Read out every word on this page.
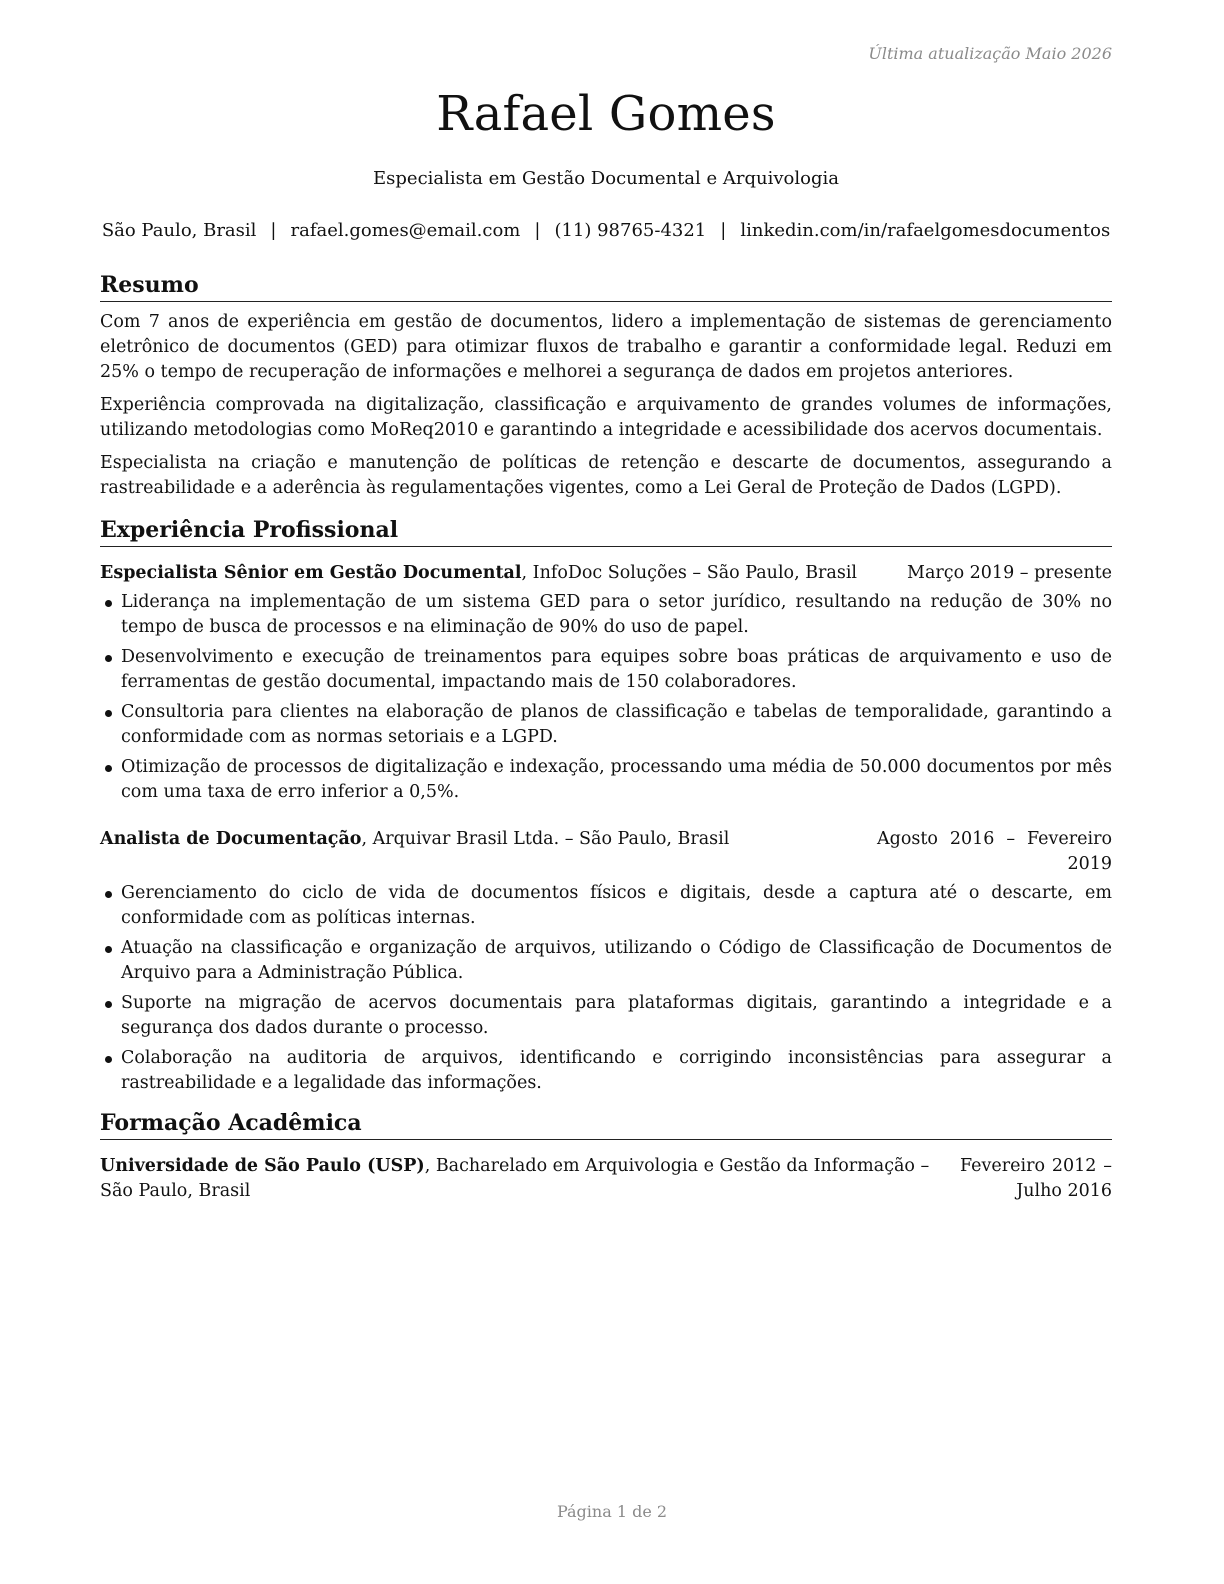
Última atualização Maio 2026
Rafael Gomes
Especialista em Gestão Documental e Arquivologia
São Paulo, Brasil | rafael.gomes@email.com | (11) 98765-4321 | linkedin.com/in/rafaelgomesdocumentos
Resumo

Com 7 anos de experiência em gestão de documentos, lidero a implementação de sistemas de gerenciamento eletrônico de documentos (GED) para otimizar fluxos de trabalho e garantir a conformidade legal. Reduzi em 25% o tempo de recuperação de informações e melhorei a segurança de dados em projetos anteriores.

Experiência comprovada na digitalização, classificação e arquivamento de grandes volumes de informações, utilizando metodologias como MoReq2010 e garantindo a integridade e acessibilidade dos acervos documentais.

Especialista na criação e manutenção de políticas de retenção e descarte de documentos, assegurando a rastreabilidade e a aderência às regulamentações vigentes, como a Lei Geral de Proteção de Dados (LGPD).

Experiência Profissional
Especialista Sênior em Gestão Documental, InfoDoc Soluções – São Paulo, Brasil	Março 2019 – presente
Liderança na implementação de um sistema GED para o setor jurídico, resultando na redução de 30% no tempo de busca de processos e na eliminação de 90% do uso de papel.
Desenvolvimento e execução de treinamentos para equipes sobre boas práticas de arquivamento e uso de ferramentas de gestão documental, impactando mais de 150 colaboradores.
Consultoria para clientes na elaboração de planos de classificação e tabelas de temporalidade, garantindo a conformidade com as normas setoriais e a LGPD.
Otimização de processos de digitalização e indexação, processando uma média de 50.000 documentos por mês com uma taxa de erro inferior a 0,5%.
Analista de Documentação, Arquivar Brasil Ltda. – São Paulo, Brasil	Agosto 2016 – Fevereiro 2019
Gerenciamento do ciclo de vida de documentos físicos e digitais, desde a captura até o descarte, em conformidade com as políticas internas.
Atuação na classificação e organização de arquivos, utilizando o Código de Classificação de Documentos de Arquivo para a Administração Pública.
Suporte na migração de acervos documentais para plataformas digitais, garantindo a integridade e a segurança dos dados durante o processo.
Colaboração na auditoria de arquivos, identificando e corrigindo inconsistências para assegurar a rastreabilidade e a legalidade das informações.
Formação Acadêmica
Universidade de São Paulo (USP), Bacharelado em Arquivologia e Gestão da Informação – São Paulo, Brasil
Fevereiro 2012 – Julho 2016
Página 1 de 2
